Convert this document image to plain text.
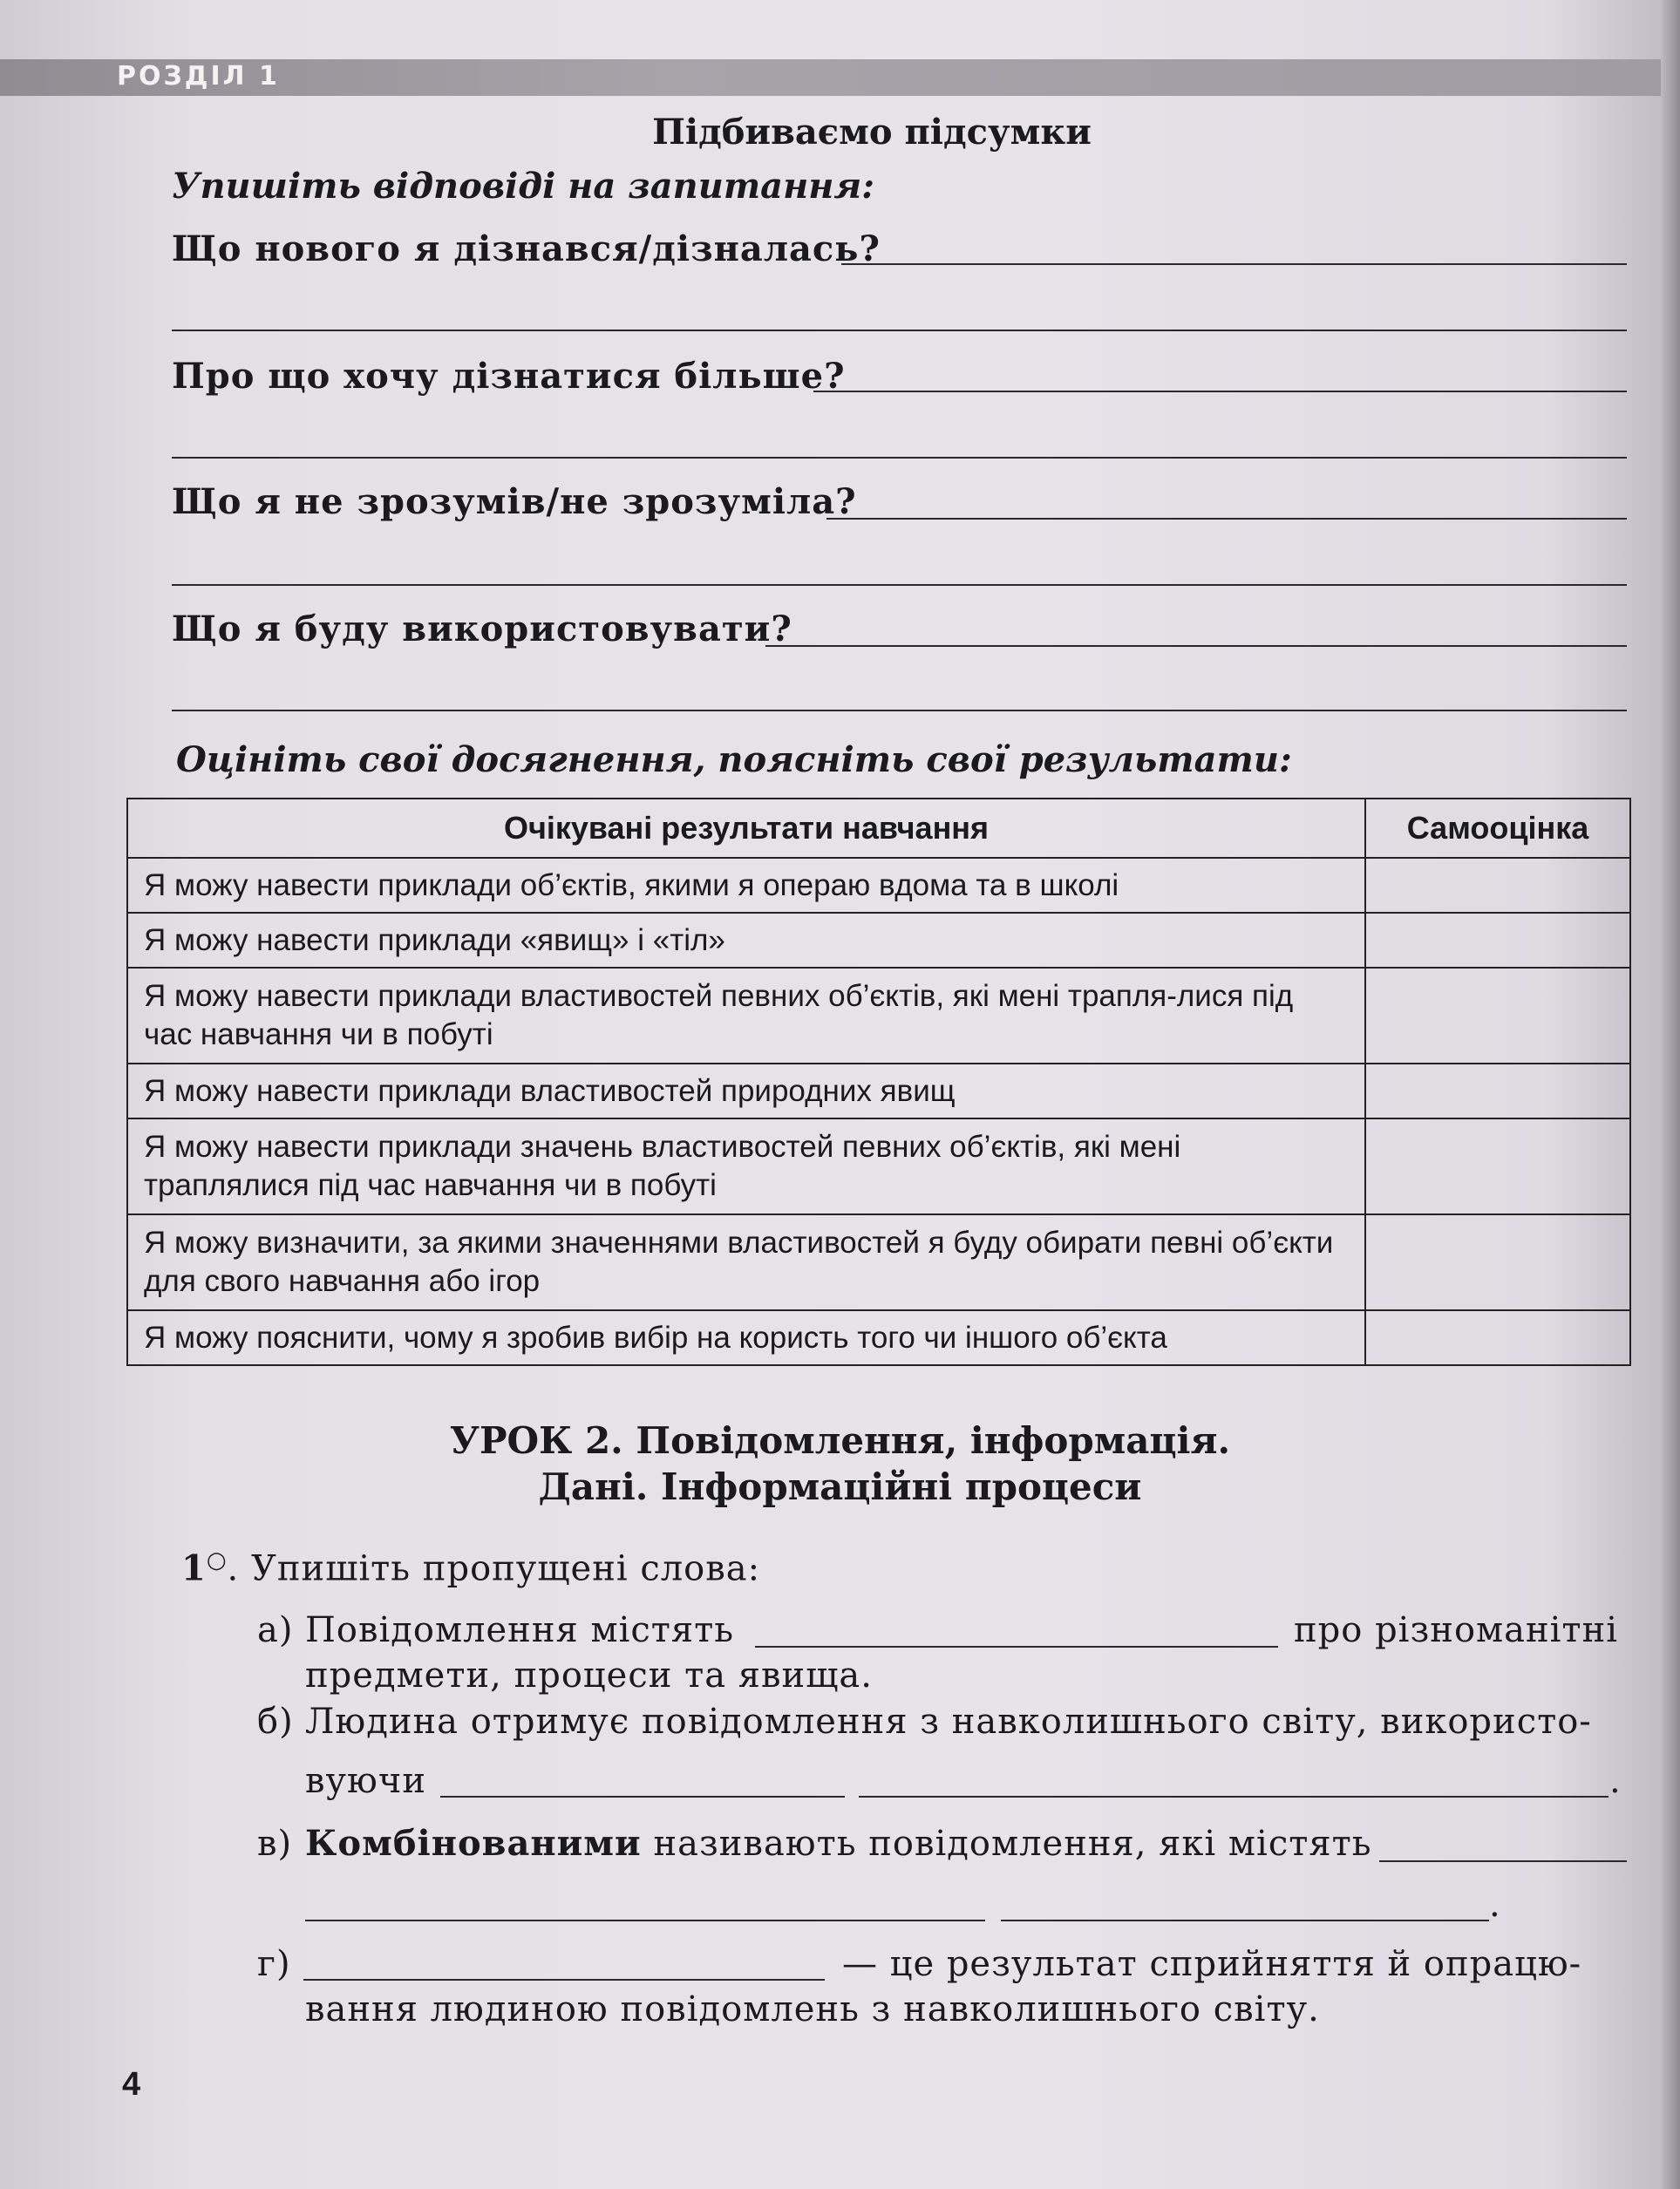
РОЗДІЛ 1
Підбиваємо підсумки
Упишіть відповіді на запитання:
Що нового я дізнався/дізналась?
Про що хочу дізнатися більше?
Що я не зрозумів/не зрозуміла?
Що я буду використовувати?
Оцініть свої досягнення, поясніть свої результати:
Очікувані результати навчання	Самооцінка
Я можу навести приклади об’єктів, якими я операю вдома та в школі	
Я можу навести приклади «явищ» і «тіл»	
Я можу навести приклади властивостей певних об’єктів, які мені трапля-лися під час навчання чи в побуті	
Я можу навести приклади властивостей природних явищ	
Я можу навести приклади значень властивостей певних об’єктів, які мені траплялися під час навчання чи в побуті	
Я можу визначити, за якими значеннями властивостей я буду обирати певні об’єкти для свого навчання або ігор	
Я можу пояснити, чому я зробив вибір на користь того чи іншого об’єкта	
УРОК 2. Повідомлення, інформація.
Дані. Інформаційні процеси
1○. Упишіть пропущені слова:
а) Повідомлення містять	про різноманітні
предмети, процеси та явища.
б) Людина отримує повідомлення з навколишнього світу, використо-
вуючи	.
в) Комбінованими називають повідомлення, які містять
.
г)	— це результат сприйняття й опрацю-
вання людиною повідомлень з навколишнього світу.
4
